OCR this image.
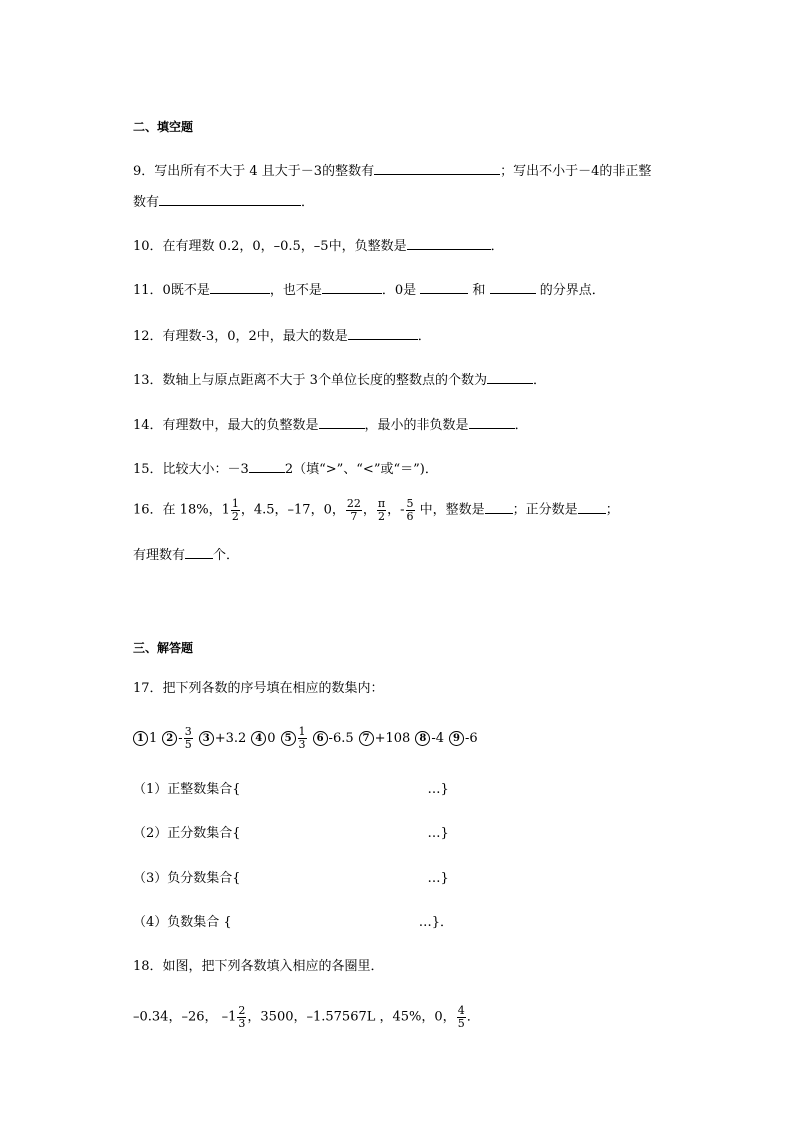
二、填空题
9．写出所有不大于 4 且大于－3的整数有	；写出不小于－4的非正整
数有	．
10．在有理数 0.2，0，–0.5，–5中，负整数是	．
11．0既不是	，也不是	．0是	和	的分界点．
12．有理数-3，0，2中，最大的数是	．
13．数轴上与原点距离不大于 3个单位长度的整数点的个数为	．
14．有理数中，最大的负整数是	，最小的非负数是	．
15．比较大小：－3	2（填“>”、“<”或“＝”)．
16．在 18%，$1 \frac{1}{2}$ ，4.5，–17，0， $\frac{22}{7}$ ， $\frac{\pi}{2}$ ，- $\frac{5}{6}$ 中，整数是 ；正分数是 ；
有理数有 个．
三、解答题
17．把下列各数的序号填在相应的数集内：
1 1 $2 - \frac{3}{5}$	3 +3.2 4 0 $5 \frac{1}{3}$	6 -6.5 7 +108 8 -4 9 -6
（1）正整数集合{	…}
（2）正分数集合{	…}
（3）负分数集合{	…}
（4）负数集合 {	…}．
18．如图，把下列各数填入相应的各圈里．
–0.34，–26， $-1 \frac{2}{3}$ ，3500，–1.57567L ，45%，0， $\frac{4}{5}$ ．
